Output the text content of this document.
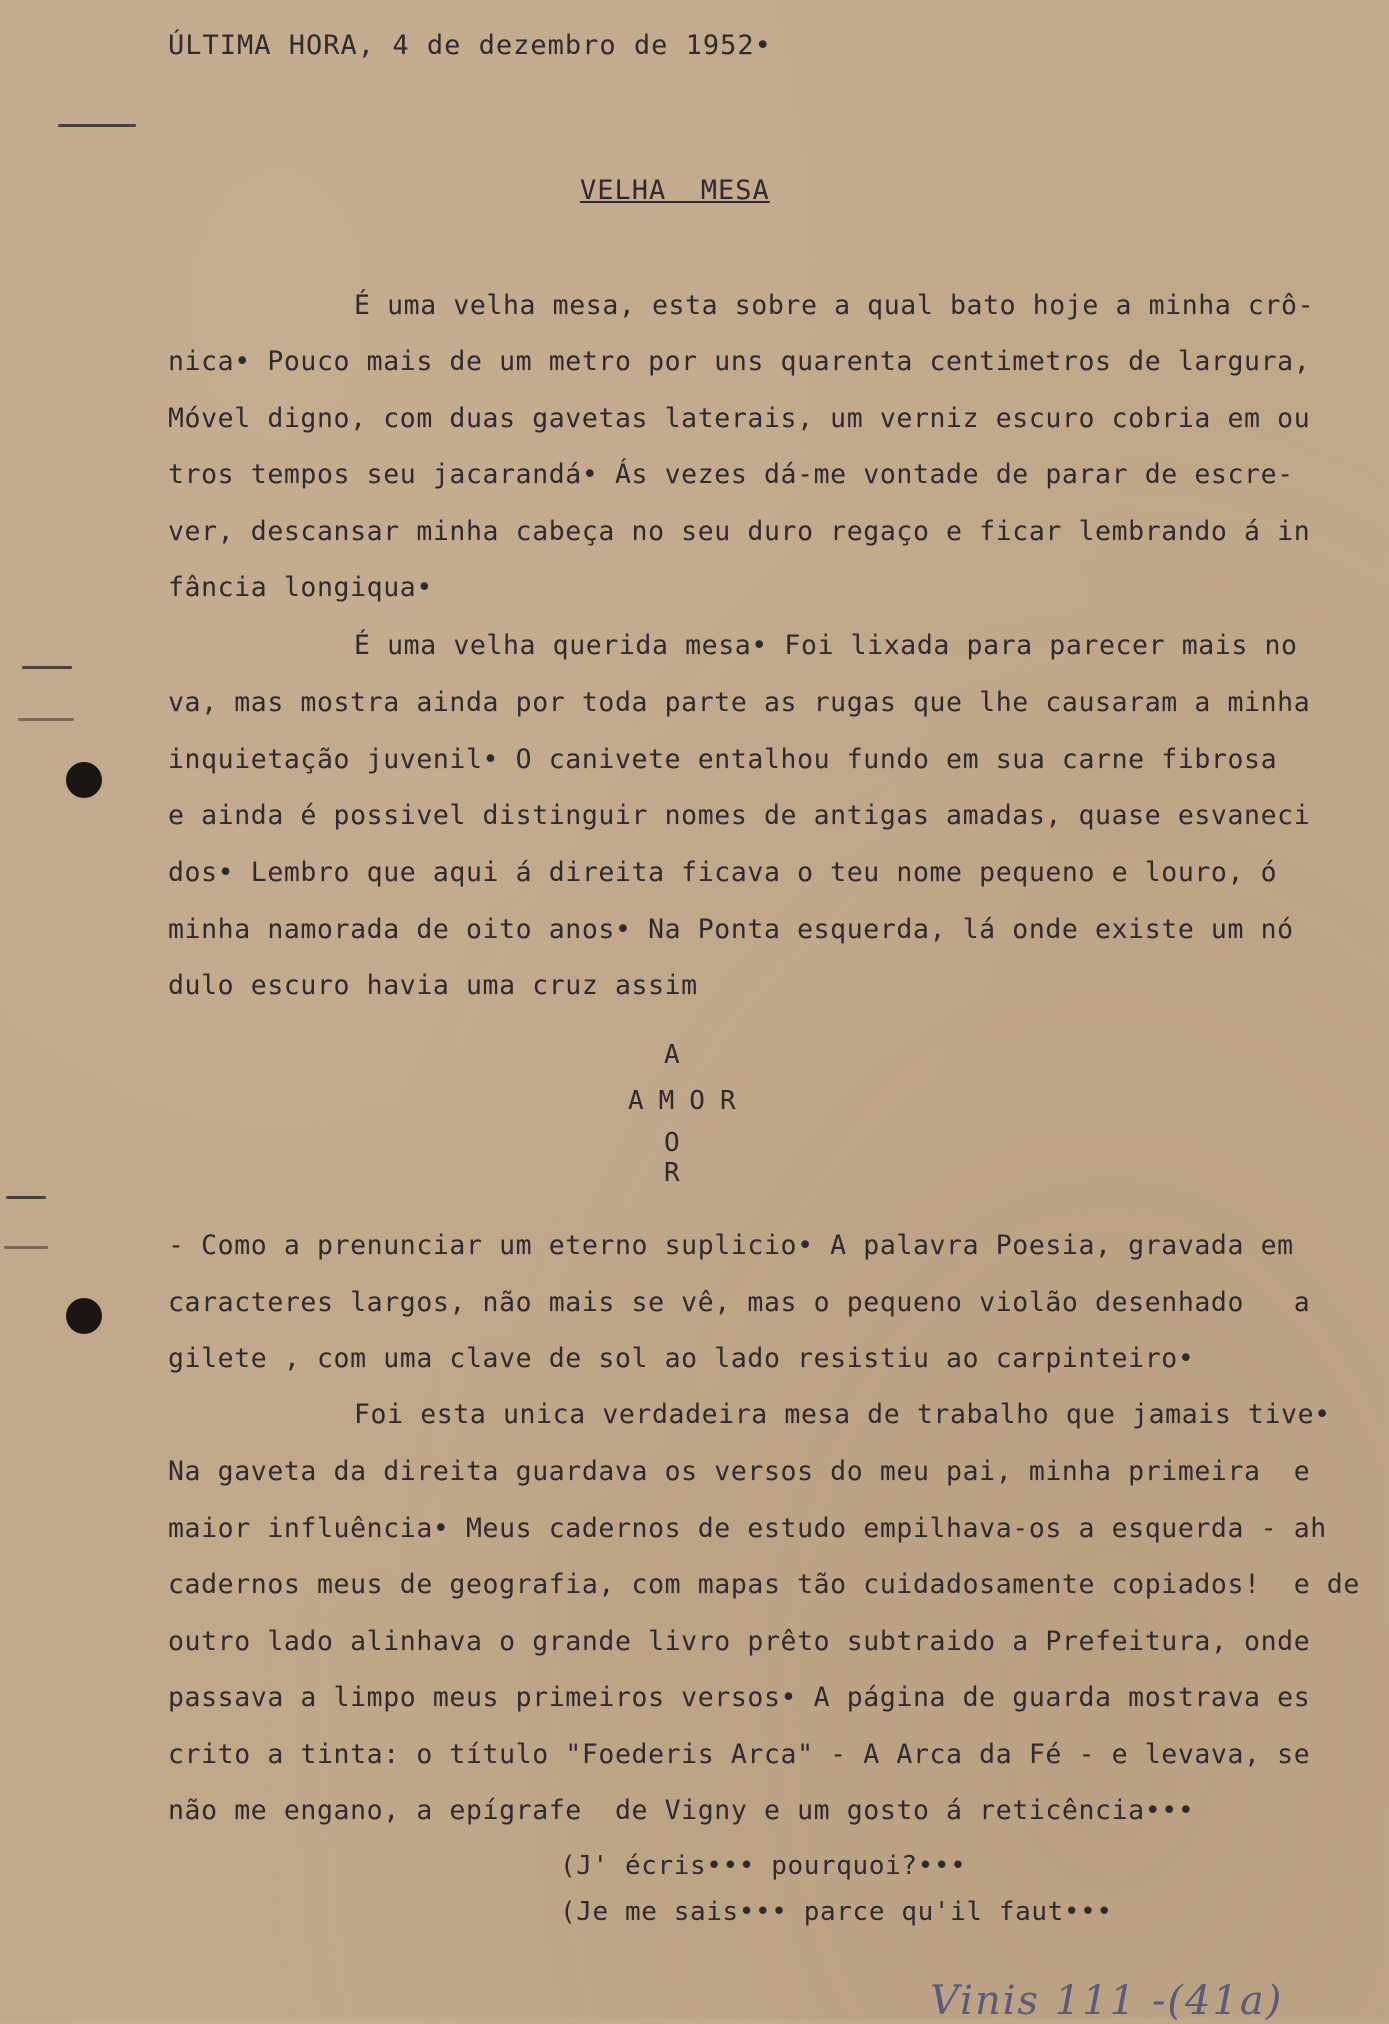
ÚLTIMA HORA, 4 de dezembro de 1952•
VELHA  MESA
É uma velha mesa, esta sobre a qual bato hoje a minha crô-
nica• Pouco mais de um metro por uns quarenta centimetros de largura,
Móvel digno, com duas gavetas laterais, um verniz escuro cobria em ou
tros tempos seu jacarandá• Ás vezes dá-me vontade de parar de escre-
ver, descansar minha cabeça no seu duro regaço e ficar lembrando á in
fância longiqua•
É uma velha querida mesa• Foi lixada para parecer mais no
va, mas mostra ainda por toda parte as rugas que lhe causaram a minha
inquietação juvenil• O canivete entalhou fundo em sua carne fibrosa
e ainda é possivel distinguir nomes de antigas amadas, quase esvaneci
dos• Lembro que aqui á direita ficava o teu nome pequeno e louro, ó
minha namorada de oito anos• Na Ponta esquerda, lá onde existe um nó
dulo escuro havia uma cruz assim
A
AMOR
O
R
- Como a prenunciar um eterno suplicio• A palavra Poesia, gravada em
caracteres largos, não mais se vê, mas o pequeno violão desenhado   a
gilete , com uma clave de sol ao lado resistiu ao carpinteiro•
Foi esta unica verdadeira mesa de trabalho que jamais tive•
Na gaveta da direita guardava os versos do meu pai, minha primeira  e
maior influência• Meus cadernos de estudo empilhava-os a esquerda - ah
cadernos meus de geografia, com mapas tão cuidadosamente copiados!  e de
outro lado alinhava o grande livro prêto subtraido a Prefeitura, onde
passava a limpo meus primeiros versos• A página de guarda mostrava es
crito a tinta: o título "Foederis Arca" - A Arca da Fé - e levava, se
não me engano, a epígrafe  de Vigny e um gosto á reticência•••
(J' écris••• pourquoi?•••
(Je me sais••• parce qu'il faut•••
Vinis 111 -(41a)
